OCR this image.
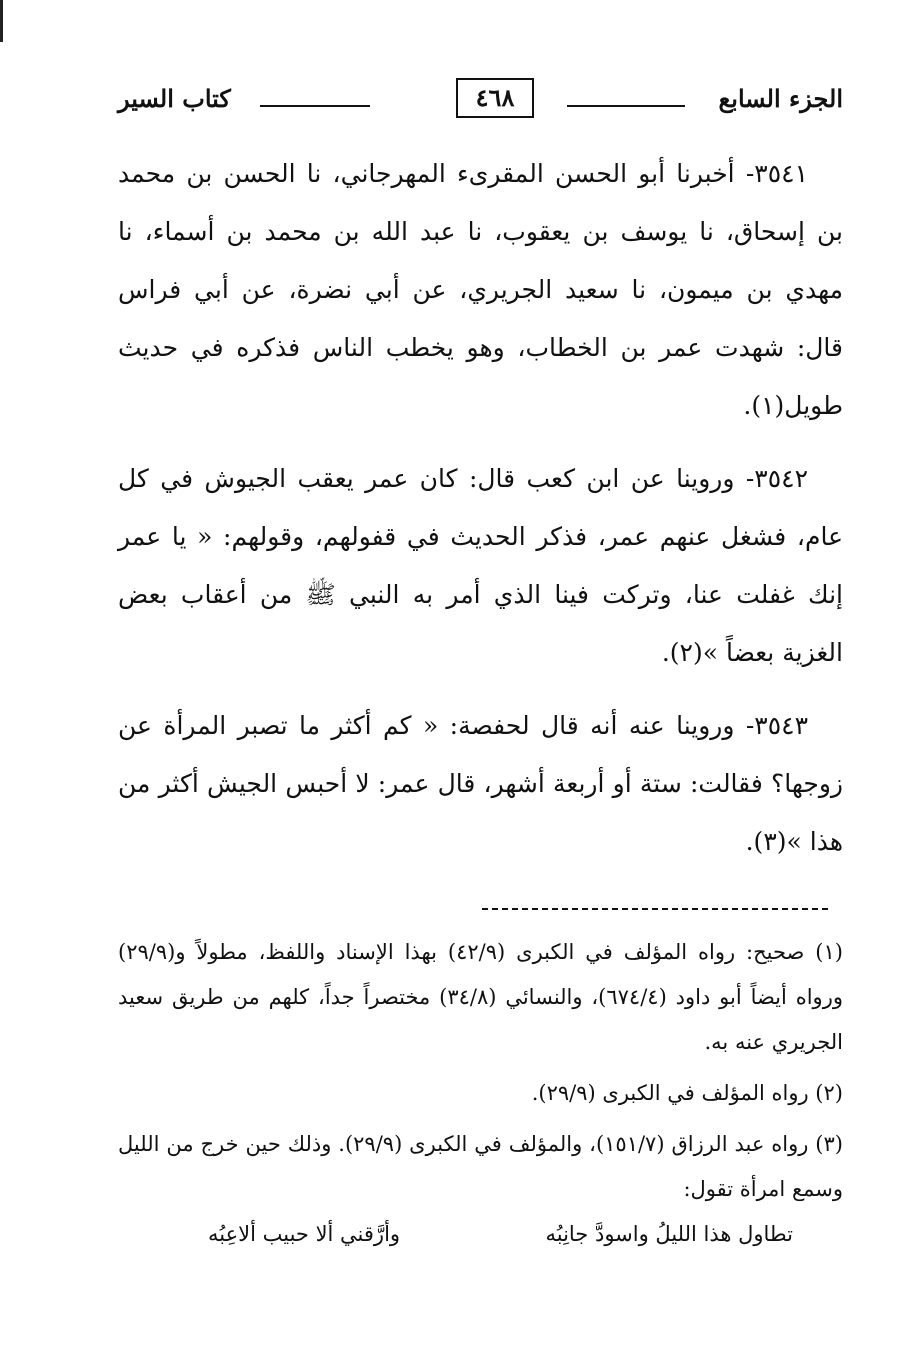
الجزء السابع
٤٦٨
كتاب السير

٣٥٤١- أخبرنا أبو الحسن المقرىء المهرجاني، نا الحسن بن محمد بن إسحاق، نا يوسف بن يعقوب، نا عبد الله بن محمد بن أسماء، نا مهدي بن ميمون، نا سعيد الجريري، عن أبي نضرة، عن أبي فراس قال: شهدت عمر بن الخطاب، وهو يخطب الناس فذكره في حديث طويل(١).

٣٥٤٢- وروينا عن ابن كعب قال: كان عمر يعقب الجيوش في كل عام، فشغل عنهم عمر، فذكر الحديث في قفولهم، وقولهم: « يا عمر إنك غفلت عنا، وتركت فينا الذي أمر به النبي ﷺ من أعقاب بعض الغزية بعضاً »(٢).

٣٥٤٣- وروينا عنه أنه قال لحفصة: « كم أكثر ما تصبر المرأة عن زوجها؟ فقالت: ستة أو أربعة أشهر، قال عمر: لا أحبس الجيش أكثر من هذا »(٣).

(١) صحيح: رواه المؤلف في الكبرى (٤٢/٩) بهذا الإسناد واللفظ، مطولاً و(٢٩/٩) ورواه أيضاً أبو داود (٦٧٤/٤)، والنسائي (٣٤/٨) مختصراً جداً، كلهم من طريق سعيد الجريري عنه به.

(٢) رواه المؤلف في الكبرى (٢٩/٩).

(٣) رواه عبد الرزاق (١٥١/٧)، والمؤلف في الكبرى (٢٩/٩). وذلك حين خرج من الليل وسمع امرأة تقول:

تطاول هذا الليلُ واسودَّ جانِبُه
وأرَّقني ألا حبيب ألاعِبُه
